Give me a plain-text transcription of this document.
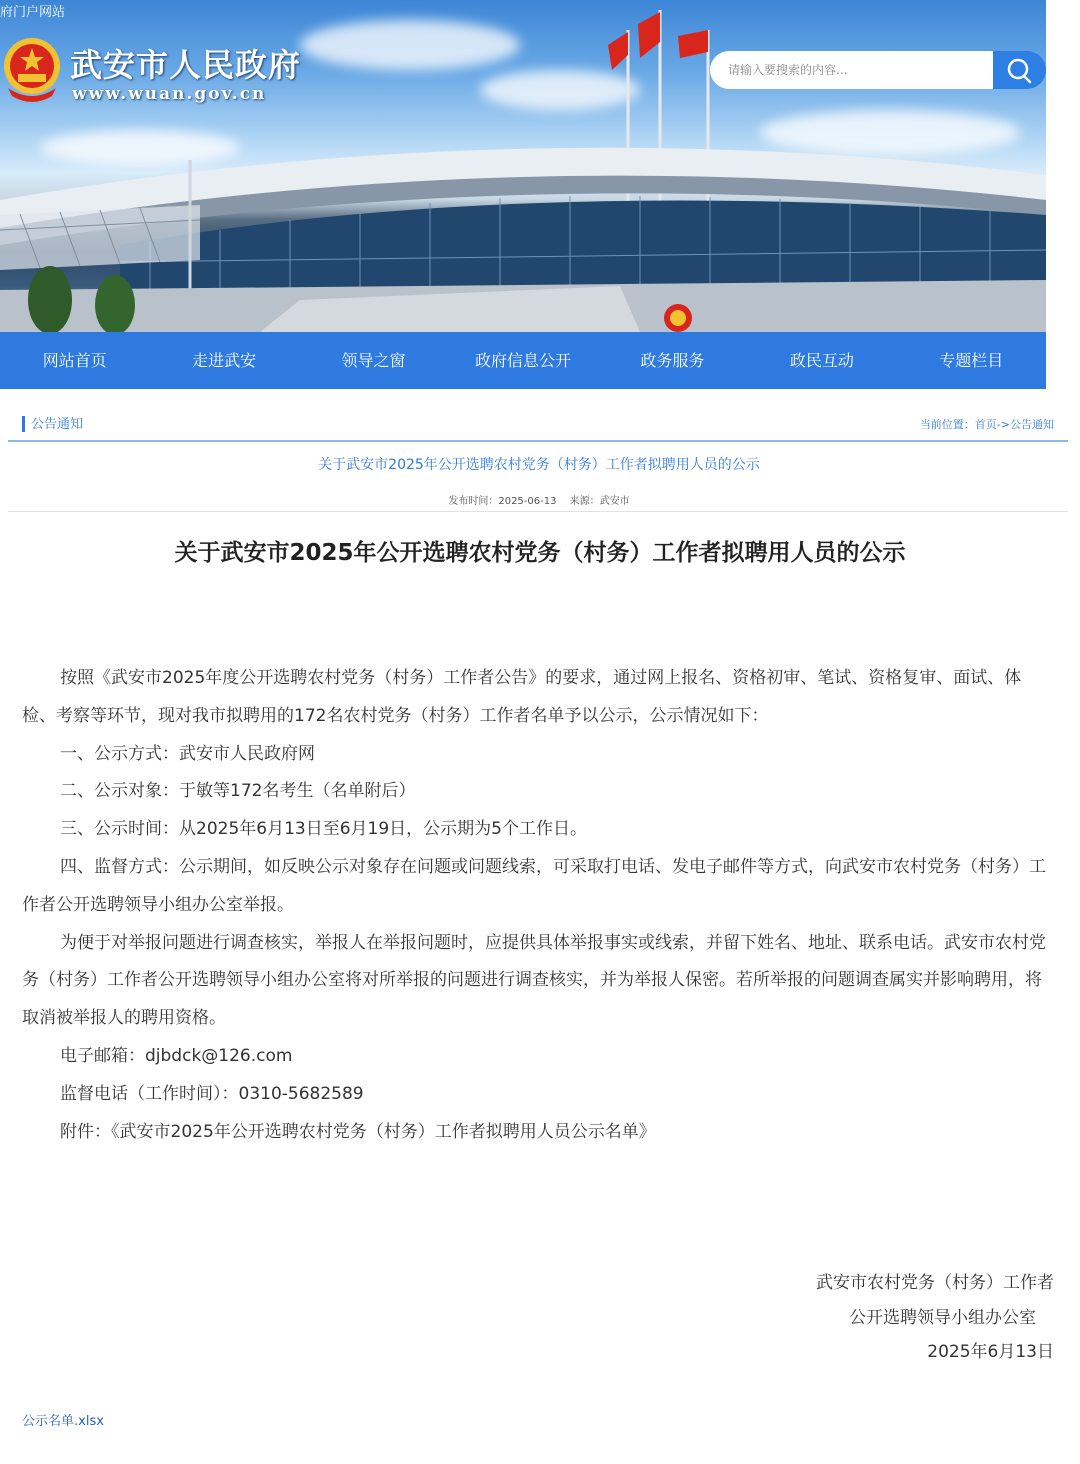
府门户网站
武安市人民政府
www.wuan.gov.cn
请输入要搜索的内容...
网站首页	走进武安	领导之窗	政府信息公开	政务服务	政民互动	专题栏目
公告通知	当前位置：首页->公告通知
关于武安市2025年公开选聘农村党务（村务）工作者拟聘用人员的公示
发布时间：2025-06-13 来源：武安市
关于武安市2025年公开选聘农村党务（村务）工作者拟聘用人员的公示

按照《武安市2025年度公开选聘农村党务（村务）工作者公告》的要求，通过网上报名、资格初审、笔试、资格复审、面试、体检、考察等环节，现对我市拟聘用的172名农村党务（村务）工作者名单予以公示，公示情况如下：

一、公示方式：武安市人民政府网

二、公示对象：于敏等172名考生（名单附后）

三、公示时间：从2025年6月13日至6月19日，公示期为5个工作日。

四、监督方式：公示期间，如反映公示对象存在问题或问题线索，可采取打电话、发电子邮件等方式，向武安市农村党务（村务）工作者公开选聘领导小组办公室举报。

为便于对举报问题进行调查核实，举报人在举报问题时，应提供具体举报事实或线索，并留下姓名、地址、联系电话。武安市农村党务（村务）工作者公开选聘领导小组办公室将对所举报的问题进行调查核实，并为举报人保密。若所举报的问题调查属实并影响聘用，将取消被举报人的聘用资格。

电子邮箱：djbdck@126.com

监督电话（工作时间）：0310-5682589

附件：《武安市2025年公开选聘农村党务（村务）工作者拟聘用人员公示名单》

武安市农村党务（村务）工作者
公开选聘领导小组办公室
2025年6月13日
公示名单.xlsx
